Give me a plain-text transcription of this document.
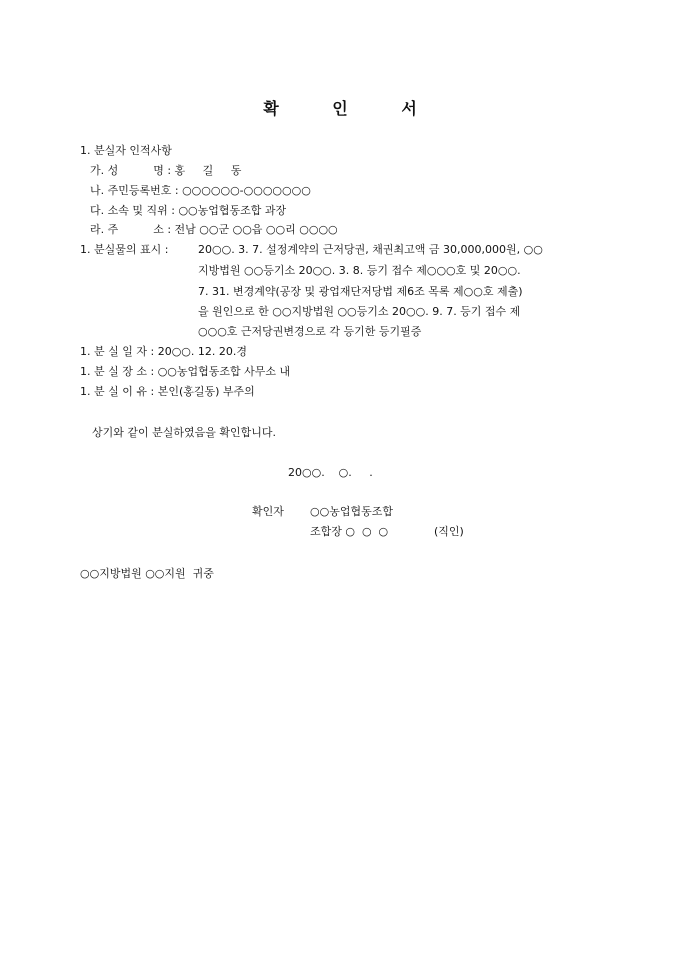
확	인	서
1. 분실자 인적사항
가. 성          명 : 홍     길     동
나. 주민등록번호 : ○○○○○○-○○○○○○○
다. 소속 및 직위 : ○○농업협동조합 과장
라. 주          소 : 전남 ○○군 ○○읍 ○○리 ○○○○
1. 분실물의 표시 :	20○○. 3. 7. 설정계약의 근저당권, 채권최고액 금 30,000,000원, ○○
지방법원 ○○등기소 20○○. 3. 8. 등기 접수 제○○○호 및 20○○.
7. 31. 변경계약(공장 및 광업재단저당법 제6조 목록 제○○호 제출)
을 원인으로 한 ○○지방법원 ○○등기소 20○○. 9. 7. 등기 접수 제
○○○호 근저당권변경으로 각 등기한 등기필증
1. 분 실 일 자 : 20○○. 12. 20.경
1. 분 실 장 소 : ○○농업협동조합 사무소 내
1. 분 실 이 유 : 본인(홍길동) 부주의
상기와 같이 분실하였음을 확인합니다.
20○○.    ○.     .
확인자 ○○농업협동조합
조합장 ○  ○  ○	(직인)
○○지방법원 ○○지원  귀중
